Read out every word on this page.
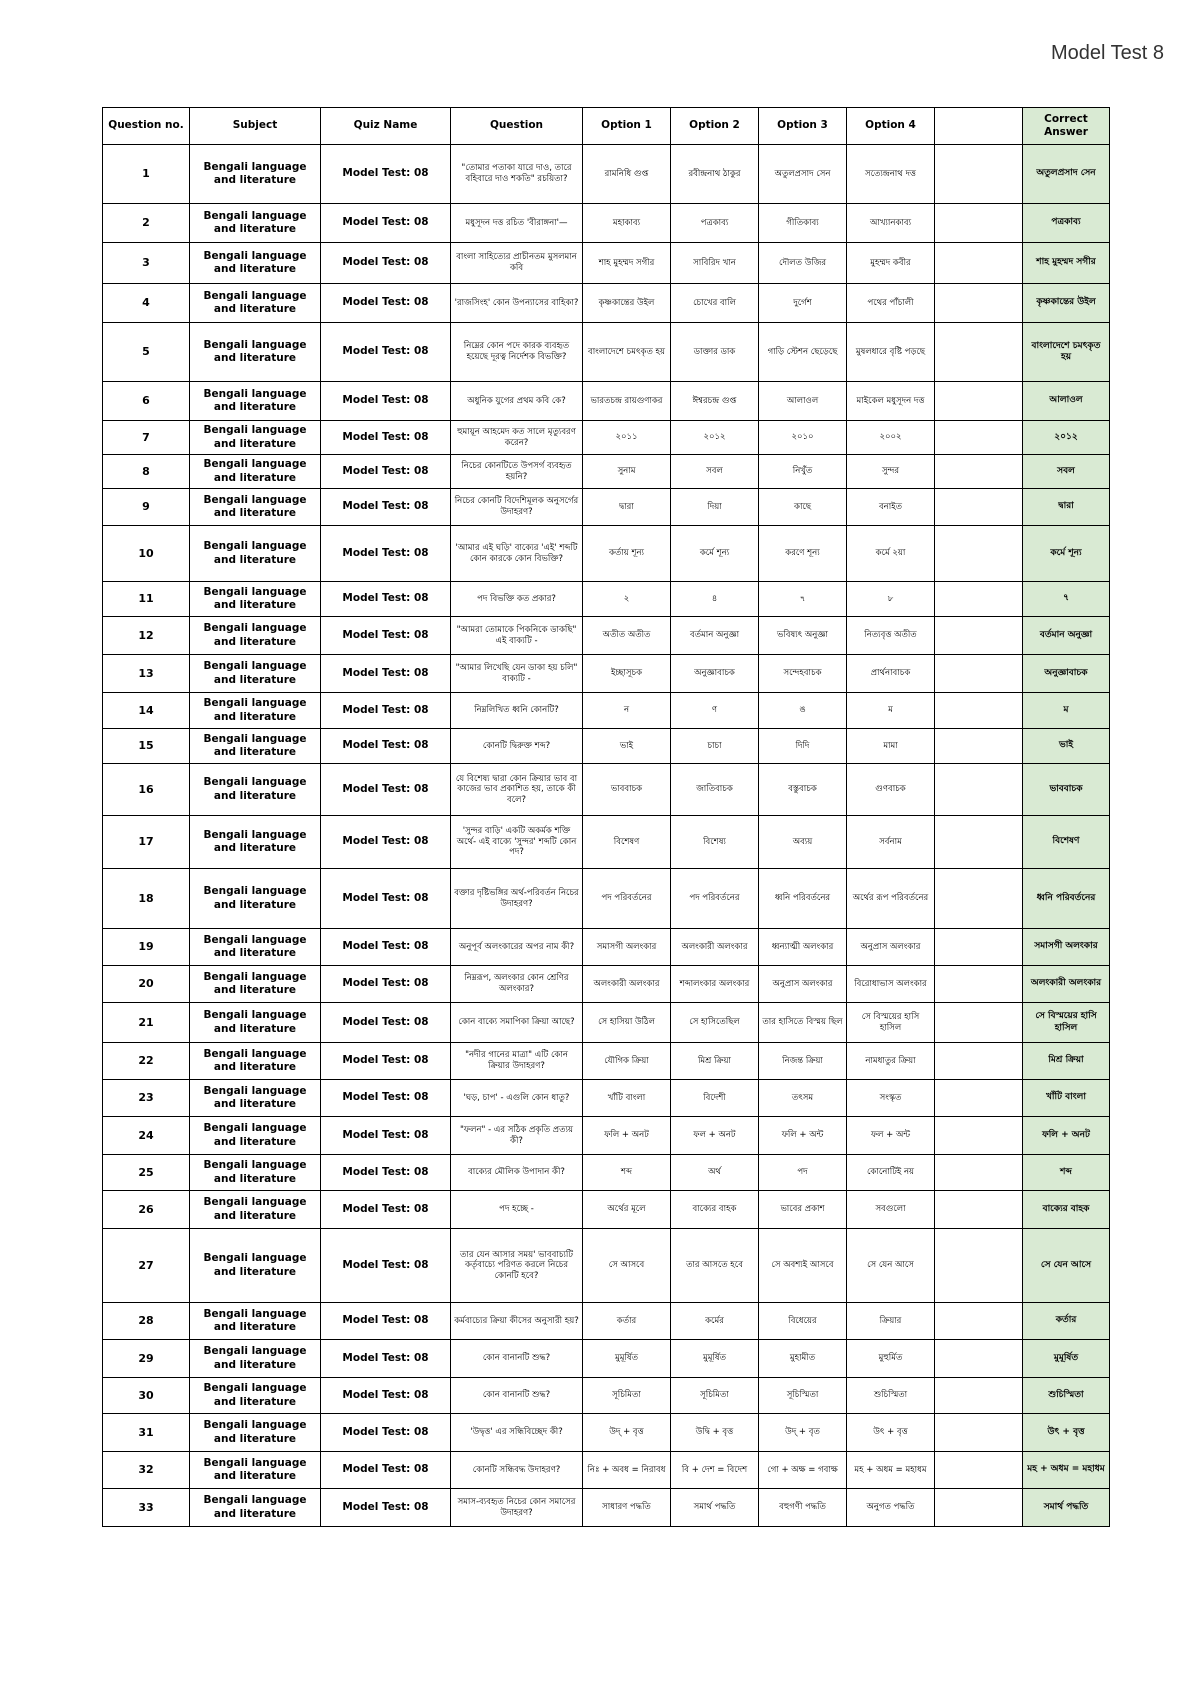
Model Test 8
Question no.	Subject	Quiz Name	Question	Option 1	Option 2	Option 3	Option 4		Correct Answer
1	Bengali language and literature	Model Test: 08	"তোমার পতাকা যারে দাও, তারে বহিবারে দাও শকতি" রচয়িতা?	রামনিধি গুপ্ত	রবীন্দ্রনাথ ঠাকুর	অতুলপ্রসাদ সেন	সত্যেন্দ্রনাথ দত্ত		অতুলপ্রসাদ সেন
2	Bengali language and literature	Model Test: 08	মধুসূদন দত্ত রচিত 'বীরাঙ্গনা'—	মহাকাব্য	পত্রকাব্য	গীতিকাব্য	আখ্যানকাব্য		পত্রকাব্য
3	Bengali language and literature	Model Test: 08	বাংলা সাহিত্যের প্রাচীনতম মুসলমান কবি	শাহ মুহম্মদ সগীর	সাবিরিদ খান	দৌলত উজির	মুহম্মদ কবীর		শাহ মুহম্মদ সগীর
4	Bengali language and literature	Model Test: 08	'রাজসিংহ' কোন উপন্যাসের বাহিকা?	কৃষ্ণকান্তের উইল	চোখের বালি	দুর্গেশ	পথের পাঁচালী		কৃষ্ণকান্তের উইল
5	Bengali language and literature	Model Test: 08	নিম্নের কোন পদে কারক ব্যবহৃত হয়েছে দূরত্ব নির্দেশক বিভক্তি?	বাংলাদেশে চমৎকৃত হয়	ডাক্তার ডাক	গাড়ি স্টেশন ছেড়েছে	মুষলধারে বৃষ্টি পড়ছে		বাংলাদেশে চমৎকৃত হয়
6	Bengali language and literature	Model Test: 08	অধুনিক যুগের প্রথম কবি কে?	ভারতচন্দ্র রায়গুণাকর	ঈশ্বরচন্দ্র গুপ্ত	আলাওল	মাইকেল মধুসূদন দত্ত		আলাওল
7	Bengali language and literature	Model Test: 08	হুমায়ূন আহমেদ কত সালে মৃত্যুবরণ করেন?	২০১১	২০১২	২০১০	২০০২		২০১২
8	Bengali language and literature	Model Test: 08	নিচের কোনটিতে উপসর্গ ব্যবহৃত হয়নি?	সুনাম	সবল	নিখুঁত	সুন্দর		সবল
9	Bengali language and literature	Model Test: 08	নিচের কোনটি বিদেশিমূলক অনুসর্গের উদাহরণ?	দ্বারা	দিয়া	কাছে	বনাইত		দ্বারা
10	Bengali language and literature	Model Test: 08	'আমার এই ঘড়ি' বাক্যের 'এই' শব্দটি কোন কারকে কোন বিভক্তি?	কর্তায় শূন্য	কর্মে শূন্য	করণে শূন্য	কর্মে ২য়া		কর্মে শূন্য
11	Bengali language and literature	Model Test: 08	পদ বিভক্তি কত প্রকার?	২	৪	৭	৮		৭
12	Bengali language and literature	Model Test: 08	"আমরা তোমাকে পিকনিকে ডাকছি" এই বাক্যটি -	অতীত অতীত	বর্তমান অনুজ্ঞা	ভবিষ্যৎ অনুজ্ঞা	নিত্যবৃত্ত অতীত		বর্তমান অনুজ্ঞা
13	Bengali language and literature	Model Test: 08	"আমার লিখেছি যেন ডাকা হয় চলি" বাক্যটি -	ইচ্ছাসূচক	অনুজ্ঞাবাচক	সন্দেহবাচক	প্রার্থনাবাচক		অনুজ্ঞাবাচক
14	Bengali language and literature	Model Test: 08	নিম্নলিখিত ধ্বনি কোনটি?	ন	ণ	ঙ	ম		ম
15	Bengali language and literature	Model Test: 08	কোনটি দ্বিরুক্ত শব্দ?	ভাই	চাচা	দিদি	মামা		ভাই
16	Bengali language and literature	Model Test: 08	যে বিশেষ্য দ্বারা কোন ক্রিয়ার ভাব বা কাজের ভাব প্রকাশিত হয়, তাকে কী বলে?	ভাববাচক	জাতিবাচক	বস্তুবাচক	গুণবাচক		ভাববাচক
17	Bengali language and literature	Model Test: 08	'সুন্দর বাড়ি' একটি অকর্মক শক্তি অর্থে- এই বাক্যে 'সুন্দর' শব্দটি কোন পদ?	বিশেষণ	বিশেষ্য	অব্যয়	সর্বনাম		বিশেষণ
18	Bengali language and literature	Model Test: 08	বক্তার দৃষ্টিভঙ্গির অর্থ-পরিবর্তন নিচের উদাহরণ?	পদ পরিবর্তনের	পদ পরিবর্তনের	ধ্বনি পরিবর্তনের	অর্থের রূপ পরিবর্তনের		ধ্বনি পরিবর্তনের
19	Bengali language and literature	Model Test: 08	অনুপূর্ব অলংকারের অপর নাম কী?	সমাসগী অলংকার	অলংকারী অলংকার	ধ্বন্যাত্মী অলংকার	অনুপ্রাস অলংকার		সমাসগী অলংকার
20	Bengali language and literature	Model Test: 08	নিম্নরূপ, অলংকার কোন শ্রেণির অলংকার?	অলংকারী অলংকার	শব্দালংকার অলংকার	অনুপ্রাস অলংকার	বিরোধাভাস অলংকার		অলংকারী অলংকার
21	Bengali language and literature	Model Test: 08	কোন বাক্যে সমাপিকা ক্রিয়া আছে?	সে হাসিয়া উঠিল	সে হাসিতেছিল	তার হাসিতে বিস্ময় ছিল	সে বিস্ময়ের হাসি হাসিল		সে বিস্ময়ের হাসি হাসিল
22	Bengali language and literature	Model Test: 08	"নদীর গানের মাত্রা" এটি কোন ক্রিয়ার উদাহরণ?	যৌগিক ক্রিয়া	মিশ্র ক্রিয়া	নিজন্ত ক্রিয়া	নামধাতুর ক্রিয়া		মিশ্র ক্রিয়া
23	Bengali language and literature	Model Test: 08	'ঘড়, চাপ' - এগুলি কোন ধাতু?	খাঁটি বাংলা	বিদেশী	তৎসম	সংস্কৃত		খাঁটি বাংলা
24	Bengali language and literature	Model Test: 08	"ফলন" - এর সঠিক প্রকৃতি প্রত্যয় কী?	ফলি + অনট	ফল + অনট	ফলি + অন্ট	ফল + অন্ট		ফলি + অনট
25	Bengali language and literature	Model Test: 08	বাক্যের মৌলিক উপাদান কী?	শব্দ	অর্থ	পদ	কোনোটিই নয়		শব্দ
26	Bengali language and literature	Model Test: 08	পদ হচ্ছে -	অর্থের মূলে	বাক্যের বাহক	ভাবের প্রকাশ	সবগুলো		বাক্যের বাহক
27	Bengali language and literature	Model Test: 08	তার যেন আসার সময়' ভাববাচ্যটি কর্তৃবাচ্যে পরিণত করলে নিচের কোনটি হবে?	সে আসবে	তার আসতে হবে	সে অবশ্যই আসবে	সে যেন আসে		সে যেন আসে
28	Bengali language and literature	Model Test: 08	কর্মবাচ্যের ক্রিয়া কীসের অনুসারী হয়?	কর্তার	কর্মের	বিধেয়ের	ক্রিয়ার		কর্তার
29	Bengali language and literature	Model Test: 08	কোন বানানটি শুদ্ধ?	মুমূর্ষিত	মুমূর্ষিত	মুহামীত	মুহুর্মিত		মুমূর্ষিত
30	Bengali language and literature	Model Test: 08	কোন বানানটি শুদ্ধ?	সূচিমিতা	সূচিমিতা	সূচিস্মিতা	শুচিস্মিতা		শুচিস্মিতা
31	Bengali language and literature	Model Test: 08	'উদ্বৃত্ত' এর সন্ধিবিচ্ছেদ কী?	উদ্ + বৃত্ত	উদ্বি + বৃত্ত	উদ্ + বৃত	উৎ + বৃত্ত		উৎ + বৃত্ত
32	Bengali language and literature	Model Test: 08	কোনটি সন্ধিবদ্ধ উদাহরণ?	নিঃ + অবধ = নিরাবধ	বি + দেশ = বিদেশ	গো + অক্ষ = গবাক্ষ	মহ + অধম = মহাধম		মহ + অধম = মহাধম
33	Bengali language and literature	Model Test: 08	সমাস-ব্যবহৃত নিচের কোন সমাসের উদাহরণ?	সাধারণ পদ্ধতি	সমার্থ পদ্ধতি	বহুগণী পদ্ধতি	অনুগত পদ্ধতি		সমার্থ পদ্ধতি
